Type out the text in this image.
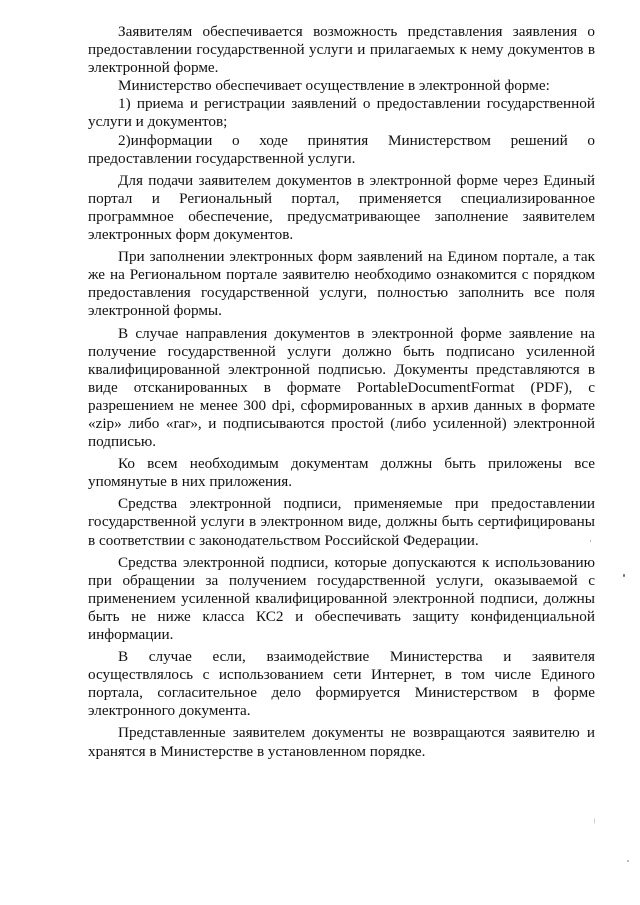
Заявителям обеспечивается возможность представления заявления о предоставлении государственной услуги и прилагаемых к нему документов в электронной форме.

Министерство обеспечивает осуществление в электронной форме:

1) приема и регистрации заявлений о предоставлении государственной услуги и документов;

2)информации о ходе принятия Министерством решений о предоставлении государственной услуги.

Для подачи заявителем документов в электронной форме через Единый портал и Региональный портал, применяется специализированное программное обеспечение, предусматривающее заполнение заявителем электронных форм документов.

При заполнении электронных форм заявлений на Едином портале, а так же на Региональном портале заявителю необходимо ознакомится с порядком предоставления государственной услуги, полностью заполнить все поля электронной формы.

В случае направления документов в электронной форме заявление на получение государственной услуги должно быть подписано усиленной квалифицированной электронной подписью. Документы представляются в виде отсканированных в формате PortableDocumentFormat (PDF), с разрешением не менее 300 dpi, сформированных в архив данных в формате «zip» либо «rar», и подписываются простой (либо усиленной) электронной подписью.

Ко всем необходимым документам должны быть приложены все упомянутые в них приложения.

Средства электронной подписи, применяемые при предоставлении государственной услуги в электронном виде, должны быть сертифицированы в соответствии с законодательством Российской Федерации.

Средства электронной подписи, которые допускаются к использованию при обращении за получением государственной услуги, оказываемой с применением усиленной квалифицированной электронной подписи, должны быть не ниже класса КС2 и обеспечивать защиту конфиденциальной информации.

В случае если, взаимодействие Министерства и заявителя осуществлялось с использованием сети Интернет, в том числе Единого портала, согласительное дело формируется Министерством в форме электронного документа.

Представленные заявителем документы не возвращаются заявителю и хранятся в Министерстве в установленном порядке.
